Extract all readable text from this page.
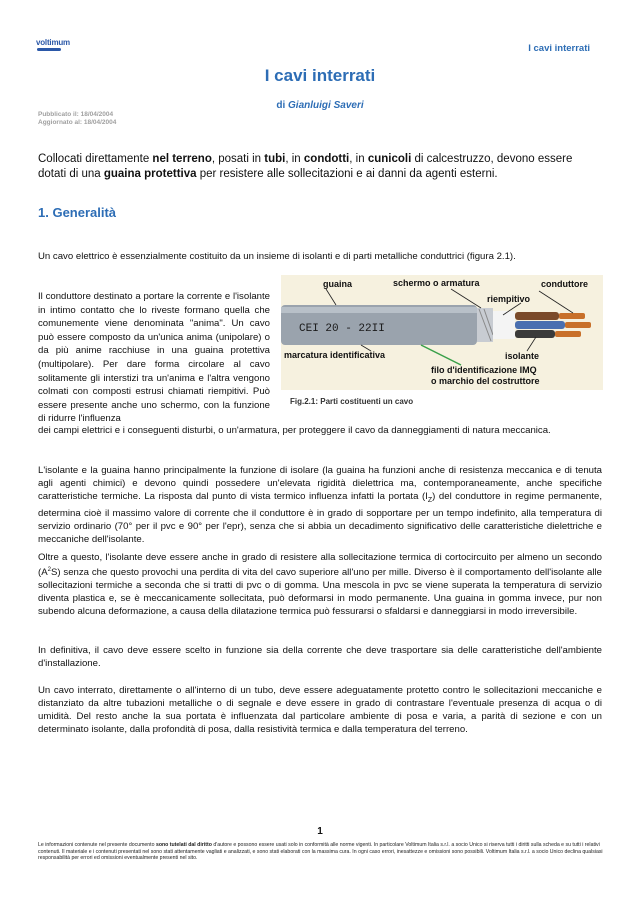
voltimum
I cavi interrati
I cavi interrati
di Gianluigi Saveri
Pubblicato il: 18/04/2004
Aggiornato al: 18/04/2004
Collocati direttamente nel terreno, posati in tubi, in condotti, in cunicoli di calcestruzzo, devono essere dotati di una guaina protettiva per resistere alle sollecitazioni e ai danni da agenti esterni.
1. Generalità
Un cavo elettrico è essenzialmente costituito da un insieme di isolanti e di parti metalliche conduttrici (figura 2.1).
Il conduttore destinato a portare la corrente e l'isolante in intimo contatto che lo riveste formano quella che comunemente viene denominata "anima". Un cavo può essere composto da un'unica anima (unipolare) o da più anime racchiuse in una guaina protettiva (multipolare). Per dare forma circolare al cavo solitamente gli interstizi tra un'anima e l'altra vengono colmati con composti estrusi chiamati riempitivi. Può essere presente anche uno schermo, con la funzione di ridurre l'influenza
CEI 20 - 22II
guaina	schermo o armatura	conduttore
riempitivo
marcatura identificativa	isolante
filo d'identificazione IMQ
o marchio del costruttore
Fig.2.1: Parti costituenti un cavo
dei campi elettrici e i conseguenti disturbi, o un'armatura, per proteggere il cavo da danneggiamenti di natura meccanica.
L'isolante e la guaina hanno principalmente la funzione di isolare (la guaina ha funzioni anche di resistenza meccanica e di tenuta agli agenti chimici) e devono quindi possedere un'elevata rigidità dielettrica ma, contemporaneamente, anche specifiche caratteristiche termiche. La risposta dal punto di vista termico influenza infatti la portata $(I_Z)$ del conduttore in regime permanente, determina cioè il massimo valore di corrente che il conduttore è in grado di sopportare per un tempo indefinito, alla temperatura di servizio ordinario (70° per il pvc e 90° per l'epr), senza che si abbia un decadimento significativo delle caratteristiche dielettriche e meccaniche dell'isolante.
Oltre a questo, l'isolante deve essere anche in grado di resistere alla sollecitazione termica di cortocircuito per almeno un secondo $(A^2S)$ senza che questo provochi una perdita di vita del cavo superiore all'uno per mille. Diverso è il comportamento dell'isolante alle sollecitazioni termiche a seconda che si tratti di pvc o di gomma. Una mescola in pvc se viene superata la temperatura di servizio diventa plastica e, se è meccanicamente sollecitata, può deformarsi in modo permanente. Una guaina in gomma invece, pur non subendo alcuna deformazione, a causa della dilatazione termica può fessurarsi o sfaldarsi e danneggiarsi in modo irreversibile.
In definitiva, il cavo deve essere scelto in funzione sia della corrente che deve trasportare sia delle caratteristiche dell'ambiente d'installazione.
Un cavo interrato, direttamente o all'interno di un tubo, deve essere adeguatamente protetto contro le sollecitazioni meccaniche e distanziato da altre tubazioni metalliche o di segnale e deve essere in grado di contrastare l'eventuale presenza di acqua o di umidità. Del resto anche la sua portata è influenzata dal particolare ambiente di posa e varia, a parità di sezione e con un determinato isolante, dalla profondità di posa, dalla resistività termica e dalla temperatura del terreno.
1
Le informazioni contenute nel presente documento sono tutelati dal diritto d'autore e possono essere usati solo in conformità alle norme vigenti. In particolare Voltimum Italia s.r.l. a socio Unico si riserva tutti i diritti sulla scheda e su tutti i relativi contenuti. Il materiale e i contenuti presentati nel sono stati attentamente vagliati e analizzati, e sono stati elaborati con la massima cura. In ogni caso errori, inesattezze e omissioni sono possibili. Voltimum Italia s.r.l. a socio Unico declina qualsiasi responsabilità per errori ed omissioni eventualmente presenti nel sito.
